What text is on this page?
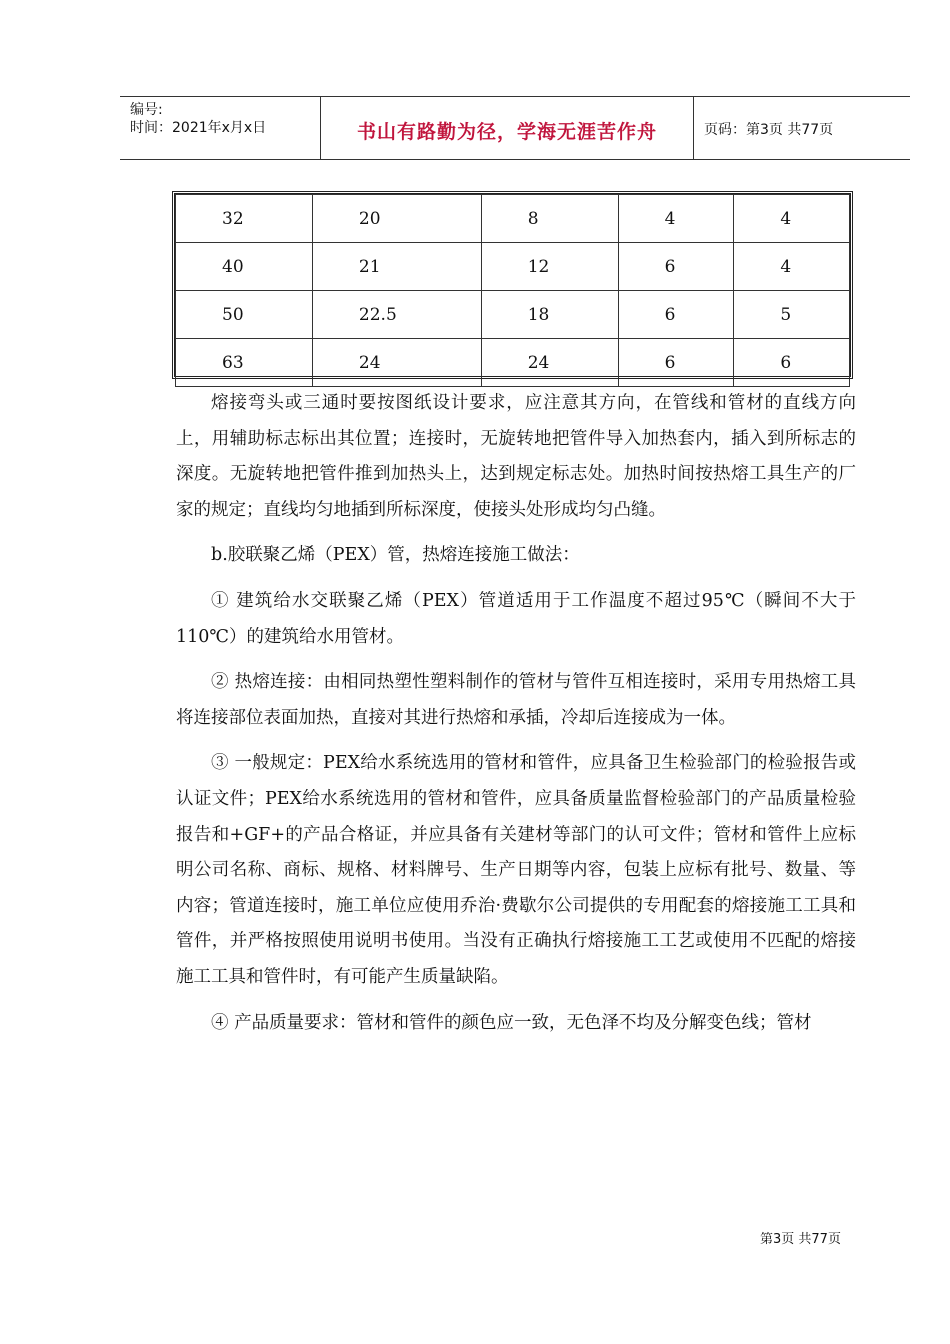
编号:
时间：2021年x月x日	书山有路勤为径，学海无涯苦作舟	页码：第3页 共77页
32	20	8	4	4
40	21	12	6	4
50	22.5	18	6	5
63	24	24	6	6

熔接弯头或三通时要按图纸设计要求，应注意其方向，在管线和管材的直线方向上，用辅助标志标出其位置；连接时，无旋转地把管件导入加热套内，插入到所标志的深度。无旋转地把管件推到加热头上，达到规定标志处。加热时间按热熔工具生产的厂家的规定；直线均匀地插到所标深度，使接头处形成均匀凸缝。

b.胶联聚乙烯（PEX）管，热熔连接施工做法：

① 建筑给水交联聚乙烯（PEX）管道适用于工作温度不超过95℃（瞬间不大于110℃）的建筑给水用管材。

② 热熔连接：由相同热塑性塑料制作的管材与管件互相连接时，采用专用热熔工具将连接部位表面加热，直接对其进行热熔和承插，冷却后连接成为一体。

③ 一般规定：PEX给水系统选用的管材和管件，应具备卫生检验部门的检验报告或认证文件；PEX给水系统选用的管材和管件，应具备质量监督检验部门的产品质量检验报告和+GF+的产品合格证，并应具备有关建材等部门的认可文件；管材和管件上应标明公司名称、商标、规格、材料牌号、生产日期等内容，包装上应标有批号、数量、等内容；管道连接时，施工单位应使用乔治·费歇尔公司提供的专用配套的熔接施工工具和管件，并严格按照使用说明书使用。当没有正确执行熔接施工工艺或使用不匹配的熔接施工工具和管件时，有可能产生质量缺陷。

④ 产品质量要求：管材和管件的颜色应一致，无色泽不均及分解变色线；管材

第3页 共77页
